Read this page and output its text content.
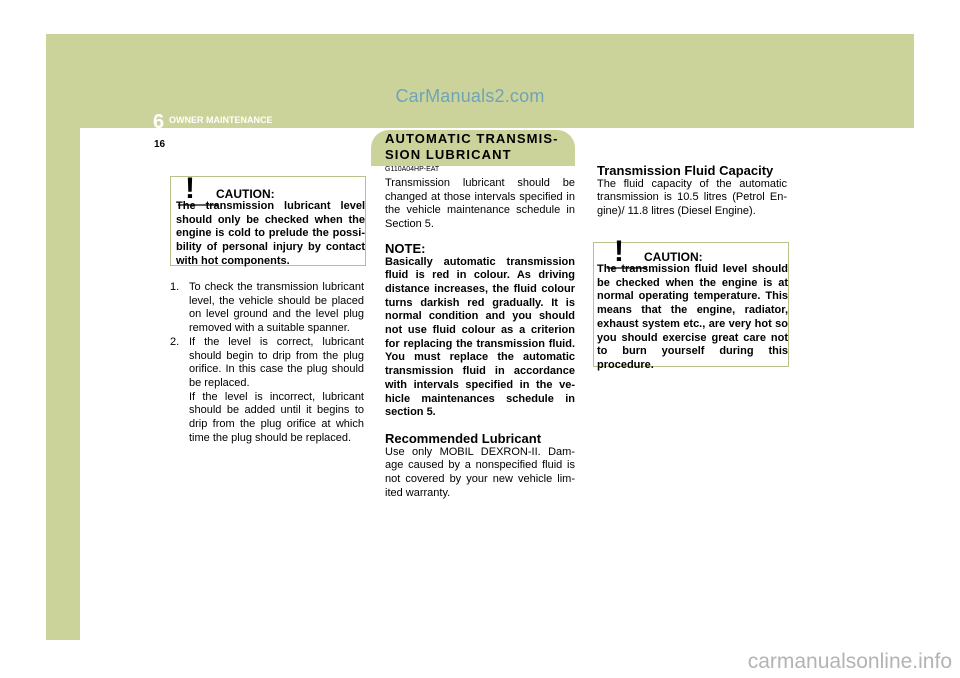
CarManuals2.com
6 OWNER MAINTENANCE
16
! CAUTION:
The transmission lubricant level should only be checked when the engine is cold to prelude the possi-bility of personal injury by contact with hot components.
1. To check the transmission lubricant level, the vehicle should be placed on level ground and the level plug removed with a suitable spanner.
2. If the level is correct, lubricant should begin to drip from the plug orifice. In this case the plug should be replaced.
If the level is incorrect, lubricant should be added until it begins to drip from the plug orifice at which time the plug should be replaced.
AUTOMATIC TRANSMIS-SION LUBRICANT
G110A04HP-EAT

Transmission lubricant should be changed at those intervals specified in the vehicle maintenance schedule in Section 5.

NOTE:

Basically automatic transmission fluid is red in colour. As driving distance increases, the fluid colour turns darkish red gradually. It is normal condition and you should not use fluid colour as a criterion for replacing the transmission fluid. You must replace the automatic transmission fluid in accordance with intervals specified in the ve-hicle maintenances schedule in section 5.

Recommended Lubricant

Use only MOBIL DEXRON-II. Dam-age caused by a nonspecified fluid is not covered by your new vehicle lim-ited warranty.

Transmission Fluid Capacity

The fluid capacity of the automatic transmission is 10.5 litres (Petrol En-gine)/ 11.8 litres (Diesel Engine).

! CAUTION:
The transmission fluid level should be checked when the engine is at normal operating temperature. This means that the engine, radiator, exhaust system etc., are very hot so you should exercise great care not to burn yourself during this procedure.
carmanualsonline.info
